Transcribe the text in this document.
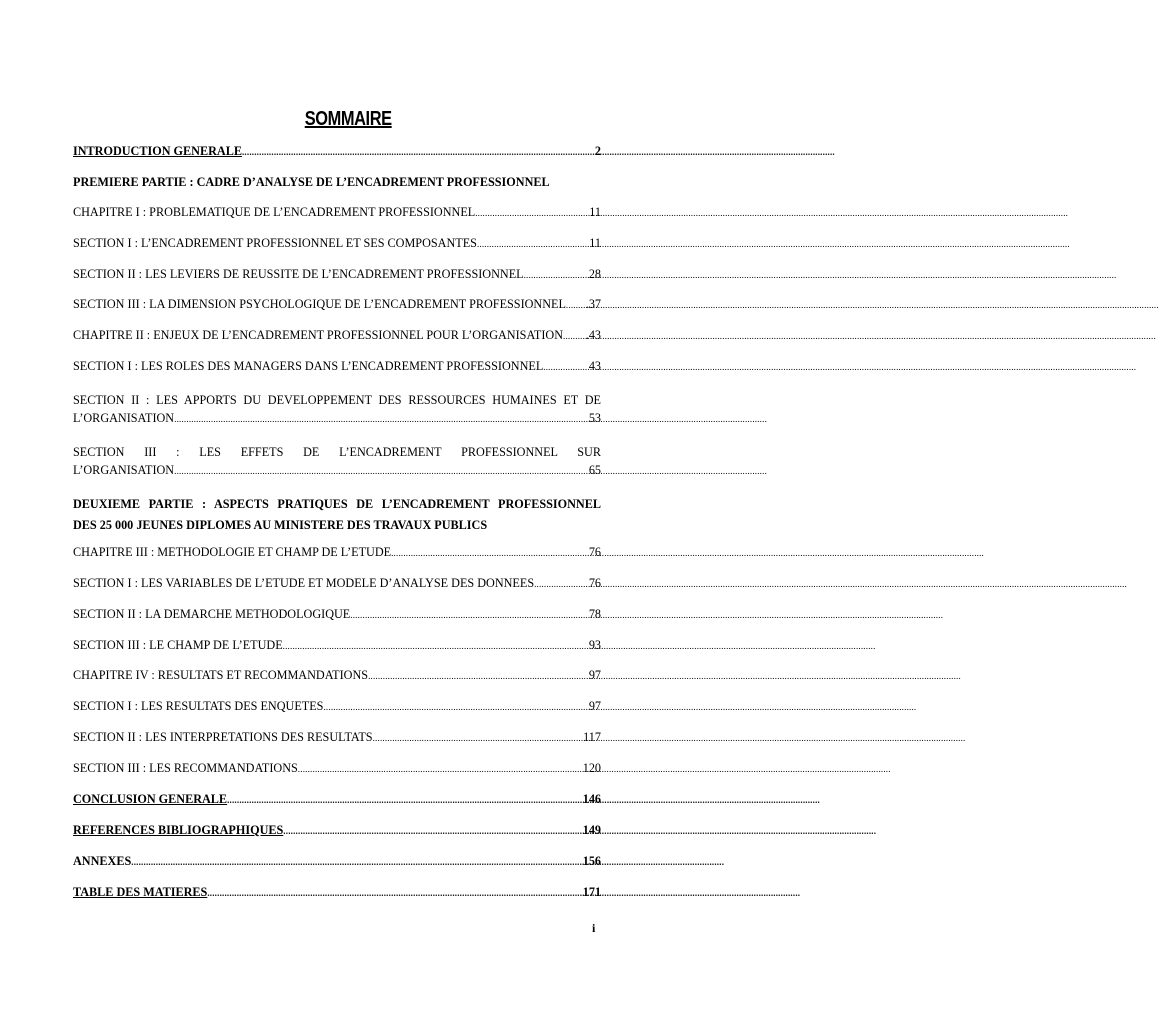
SOMMAIRE
INTRODUCTION GENERALE .....	2
PREMIERE PARTIE : CADRE D’ANALYSE DE L’ENCADREMENT PROFESSIONNEL
CHAPITRE I : PROBLEMATIQUE DE L’ENCADREMENT PROFESSIONNEL .....	11
SECTION I : L’ENCADREMENT PROFESSIONNEL ET SES COMPOSANTES .....	11
SECTION II : LES LEVIERS DE REUSSITE DE L’ENCADREMENT PROFESSIONNEL .....	28
SECTION III : LA DIMENSION PSYCHOLOGIQUE DE L’ENCADREMENT PROFESSIONNEL ..... .37
CHAPITRE II : ENJEUX DE L’ENCADREMENT PROFESSIONNEL POUR L’ORGANISATION ..... .43
SECTION I : LES ROLES DES MANAGERS DANS L’ENCADREMENT PROFESSIONNEL .....	43
SECTION II : LES APPORTS DU DEVELOPPEMENT DES RESSOURCES HUMAINES ET DE
L’ORGANISATION .....	53
SECTION III : LES EFFETS DE L’ENCADREMENT PROFESSIONNEL SUR
L’ORGANISATION .....	65
DEUXIEME PARTIE : ASPECTS PRATIQUES DE L’ENCADREMENT PROFESSIONNEL
DES 25 000 JEUNES DIPLOMES AU MINISTERE DES TRAVAUX PUBLICS
CHAPITRE III : METHODOLOGIE ET CHAMP DE L’ETUDE .....	76
SECTION I : LES VARIABLES DE L’ETUDE ET MODELE D’ANALYSE DES DONNEES .....	76
SECTION II : LA DEMARCHE METHODOLOGIQUE .....	78
SECTION III : LE CHAMP DE L’ETUDE .....	93
CHAPITRE IV : RESULTATS ET RECOMMANDATIONS .....	97
SECTION I : LES RESULTATS DES ENQUETES .....	97
SECTION II : LES INTERPRETATIONS DES RESULTATS .....	117
SECTION III : LES RECOMMANDATIONS .....	120
CONCLUSION GENERALE .....	146
REFERENCES BIBLIOGRAPHIQUES .....	149
ANNEXES .....	156
TABLE DES MATIERES .....	171
i
